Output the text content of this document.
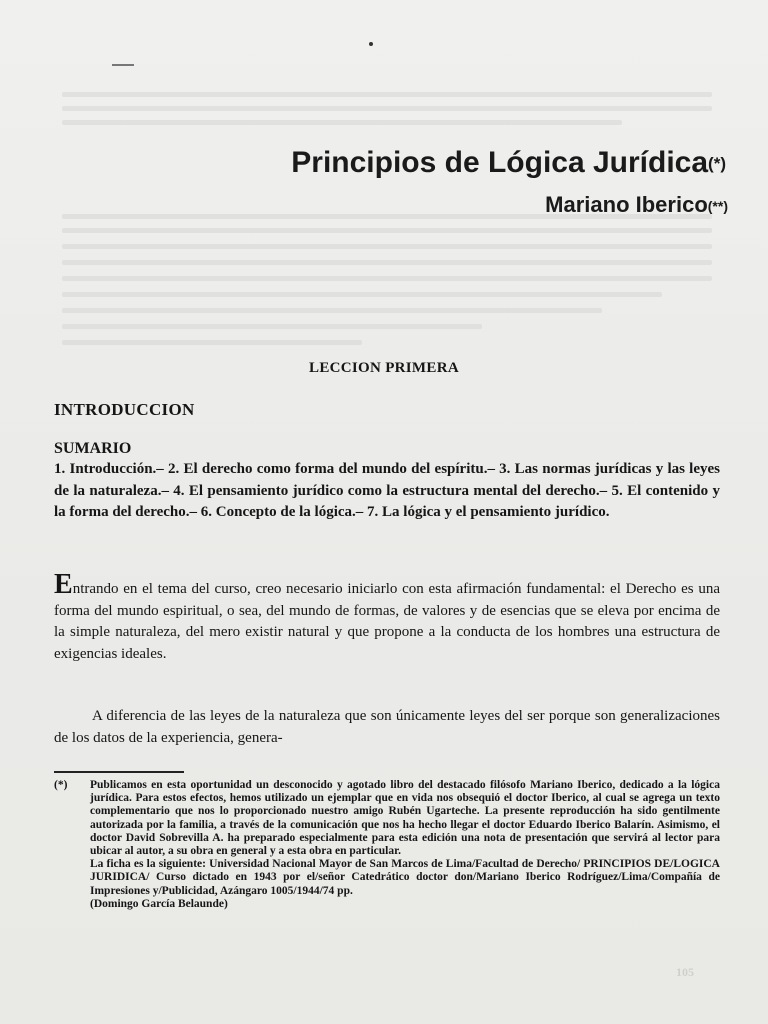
Principios de Lógica Jurídica(*)
Mariano Iberico(**)
LECCION PRIMERA
INTRODUCCION
SUMARIO

1. Introducción.– 2. El derecho como forma del mundo del espíritu.– 3. Las normas jurídicas y las leyes de la naturaleza.– 4. El pensamiento jurídico como la estructura mental del derecho.– 5. El contenido y la forma del derecho.– 6. Concepto de la lógica.– 7. La lógica y el pensamiento jurídico.

Entrando en el tema del curso, creo necesario iniciarlo con esta afirmación fundamental: el Derecho es una forma del mundo espiritual, o sea, del mundo de formas, de valores y de esencias que se eleva por encima de la simple naturaleza, del mero existir natural y que propone a la conducta de los hombres una estructura de exigencias ideales.

A diferencia de las leyes de la naturaleza que son únicamente leyes del ser porque son generalizaciones de los datos de la experiencia, genera-

(*) Publicamos en esta oportunidad un desconocido y agotado libro del destacado filósofo Mariano Iberico, dedicado a la lógica jurídica. Para estos efectos, hemos utilizado un ejemplar que en vida nos obsequió el doctor Iberico, al cual se agrega un texto complementario que nos lo proporcionado nuestro amigo Rubén Ugarteche. La presente reproducción ha sido gentilmente autorizada por la familia, a través de la comunicación que nos ha hecho llegar el doctor Eduardo Iberico Balarín. Asimismo, el doctor David Sobrevilla A. ha preparado especialmente para esta edición una nota de presentación que servirá al lector para ubicar al autor, a su obra en general y a esta obra en particular.

La ficha es la siguiente: Universidad Nacional Mayor de San Marcos de Lima/Facultad de Derecho/ PRINCIPIOS DE/LOGICA JURIDICA/ Curso dictado en 1943 por el/señor Catedrático doctor don/Mariano Iberico Rodríguez/Lima/Compañía de Impresiones y/Publicidad, Azángaro 1005/1944/74 pp.

(Domingo García Belaunde)

105
